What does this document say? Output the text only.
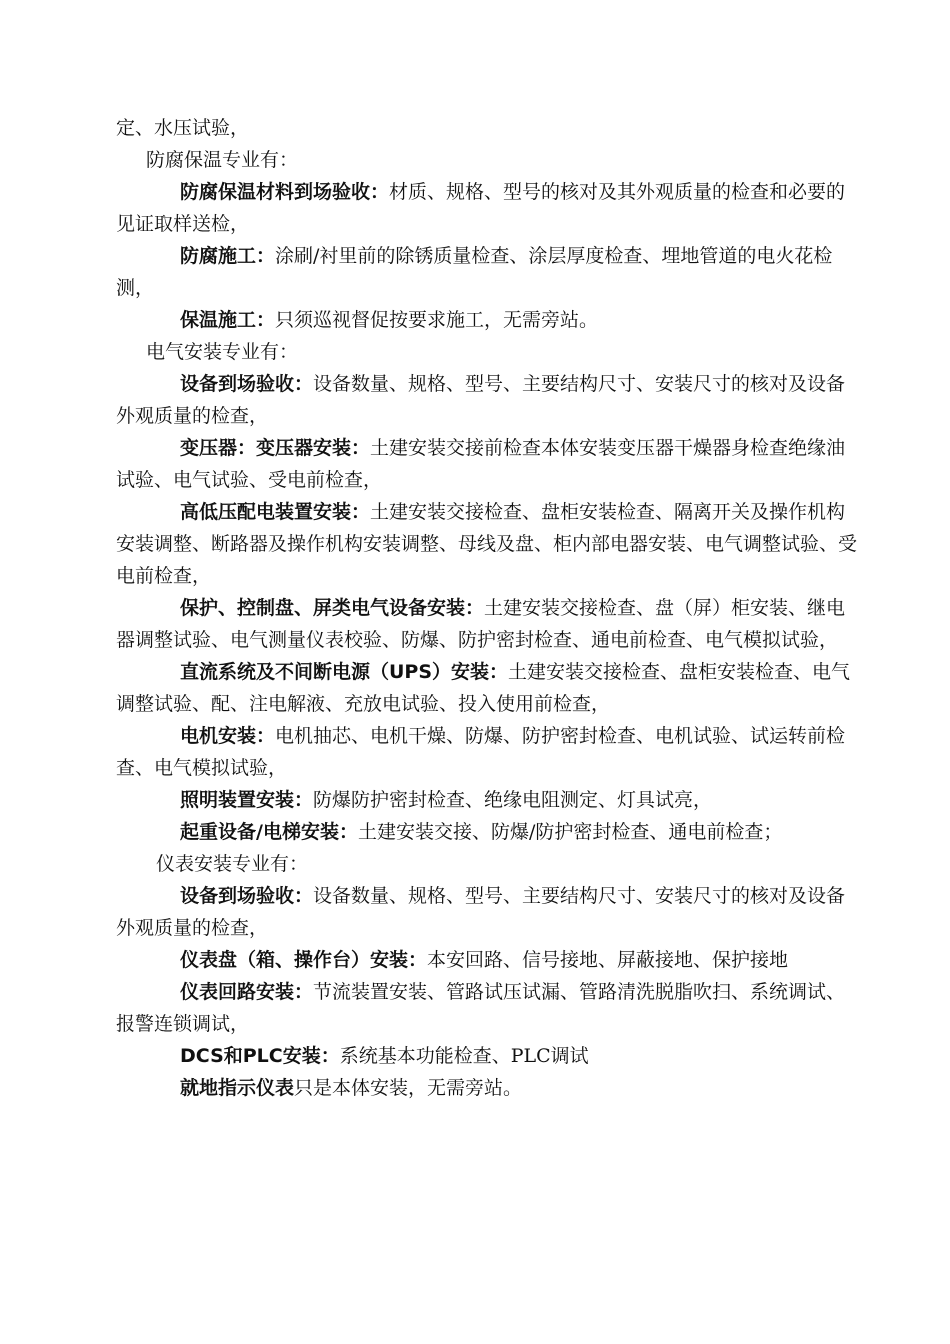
定、水压试验，

防腐保温专业有：

防腐保温材料到场验收：材质、规格、型号的核对及其外观质量的检查和必要的见证取样送检，

防腐施工：涂刷/衬里前的除锈质量检查、涂层厚度检查、埋地管道的电火花检测，

保温施工：只须巡视督促按要求施工，无需旁站。

电气安装专业有：

设备到场验收：设备数量、规格、型号、主要结构尺寸、安装尺寸的核对及设备外观质量的检查，

变压器：变压器安装：土建安装交接前检查本体安装变压器干燥器身检查绝缘油试验、电气试验、受电前检查，

高低压配电装置安装：土建安装交接检查、盘柜安装检查、隔离开关及操作机构安装调整、断路器及操作机构安装调整、母线及盘、柜内部电器安装、电气调整试验、受电前检查，

保护、控制盘、屏类电气设备安装：土建安装交接检查、盘（屏）柜安装、继电器调整试验、电气测量仪表校验、防爆、防护密封检查、通电前检查、电气模拟试验，

直流系统及不间断电源（UPS）安装：土建安装交接检查、盘柜安装检查、电气调整试验、配、注电解液、充放电试验、投入使用前检查，

电机安装：电机抽芯、电机干燥、防爆、防护密封检查、电机试验、试运转前检查、电气模拟试验，

照明装置安装：防爆防护密封检查、绝缘电阻测定、灯具试亮，

起重设备/电梯安装：土建安装交接、防爆/防护密封检查、通电前检查；

仪表安装专业有：

设备到场验收：设备数量、规格、型号、主要结构尺寸、安装尺寸的核对及设备外观质量的检查，

仪表盘（箱、操作台）安装：本安回路、信号接地、屏蔽接地、保护接地

仪表回路安装：节流装置安装、管路试压试漏、管路清洗脱脂吹扫、系统调试、报警连锁调试，

DCS和PLC安装：系统基本功能检查、PLC调试

就地指示仪表只是本体安装，无需旁站。
